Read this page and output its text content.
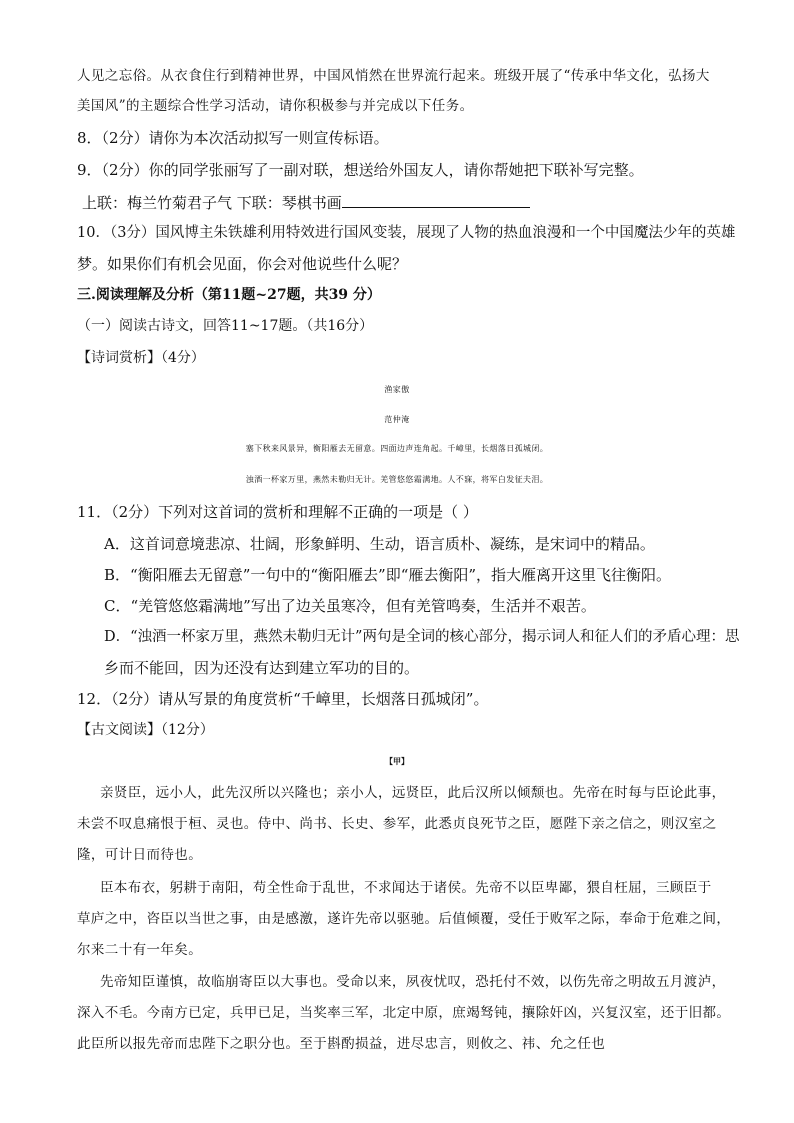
人见之忘俗。从衣食住行到精神世界，中国风悄然在世界流行起来。班级开展了“传承中华文化，弘扬大
美国风”的主题综合性学习活动，请你积极参与并完成以下任务。
8．（2分）请你为本次活动拟写一则宣传标语。
9．（2分）你的同学张丽写了一副对联，想送给外国友人，请你帮她把下联补写完整。
上联：梅兰竹菊君子气 下联：琴棋书画
10．（3分）国风博主朱铁雄利用特效进行国风变装，展现了人物的热血浪漫和一个中国魔法少年的英雄
梦。如果你们有机会见面，你会对他说些什么呢？
三.阅读理解及分析（第11题~27题，共39 分）
（一）阅读古诗文，回答11~17题。（共16分）
【诗词赏析】（4分）
渔家傲
范仲淹
塞下秋来风景异，衡阳雁去无留意。四面边声连角起。千嶂里，长烟落日孤城闭。
浊酒一杯家万里，燕然未勒归无计。羌管悠悠霜满地。人不寐，将军白发征夫泪。
11．（2分）下列对这首词的赏析和理解不正确的一项是（ ）
A．这首词意境悲凉、壮阔，形象鲜明、生动，语言质朴、凝练，是宋词中的精品。
B．“衡阳雁去无留意”一句中的“衡阳雁去”即“雁去衡阳”，指大雁离开这里飞往衡阳。
C．“羌管悠悠霜满地”写出了边关虽寒冷，但有羌管鸣奏，生活并不艰苦。
D．“浊酒一杯家万里，燕然未勒归无计”两句是全词的核心部分，揭示词人和征人们的矛盾心理：思
乡而不能回，因为还没有达到建立军功的目的。
12．（2分）请从写景的角度赏析“千嶂里，长烟落日孤城闭”。
【古文阅读】（12分）
【甲】
亲贤臣，远小人，此先汉所以兴隆也；亲小人，远贤臣，此后汉所以倾颓也。先帝在时每与臣论此事，
未尝不叹息痛恨于桓、灵也。侍中、尚书、长史、参军，此悉贞良死节之臣，愿陛下亲之信之，则汉室之
隆，可计日而待也。
臣本布衣，躬耕于南阳，苟全性命于乱世，不求闻达于诸侯。先帝不以臣卑鄙，猥自枉屈，三顾臣于
草庐之中，咨臣以当世之事，由是感激，遂许先帝以驱驰。后值倾覆，受任于败军之际，奉命于危难之间，
尔来二十有一年矣。
先帝知臣谨慎，故临崩寄臣以大事也。受命以来，夙夜忧叹，恐托付不效，以伤先帝之明故五月渡泸，
深入不毛。今南方已定，兵甲已足，当奖率三军，北定中原，庶竭驽钝，攘除奸凶，兴复汉室，还于旧都。
此臣所以报先帝而忠陛下之职分也。至于斟酌损益，进尽忠言，则攸之、祎、允之任也
